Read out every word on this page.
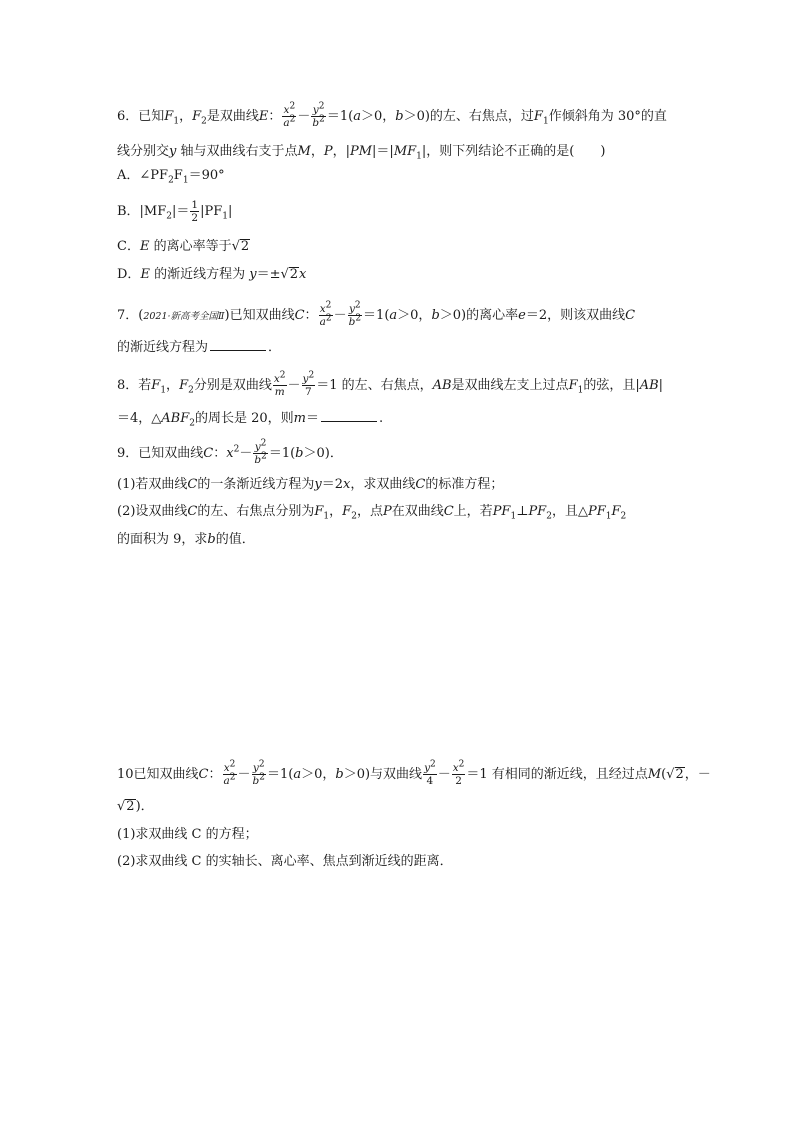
6．已知$F_1$，$F_2$是双曲线E： $\frac{x^2}{a^2} - \frac{y^2}{b^2} =1(a>0$，b＞0)的左、右焦点，过$F_1$作倾斜角为 30°的直
线分别交y 轴与双曲线右支于点M，P，$|PM|=|MF_1|$，则下列结论不正确的是(　　)
A．$\angle PF_2F_1=90^\circ$
B．$|MF_2|= \frac{1}{2} |PF_1|$
C．E 的离心率等于√2
D．E 的渐近线方程为 y＝±√2x
7．(2021·新高考全国Ⅱ)已知双曲线C： $\frac{x^2}{a^2} - \frac{y^2}{b^2} =1(a>0$，b＞0)的离心率e＝2，则该双曲线C
的渐近线方程为	．
8．若$F_1$，$F_2$分别是双曲线 $\frac{x^2}{m} - \frac{y^2}{7} =1$ 的左、右焦点，AB是双曲线左支上过点$F_1$的弦，且|AB|
＝4，$\triangle ABF_2$的周长是 20，则m＝	.
9．已知双曲线C：$x^2- \frac{y^2}{b^2} =1(b>0)$．
(1)若双曲线C的一条渐近线方程为y＝2x，求双曲线C的标准方程；
(2)设双曲线C的左、右焦点分别为$F_1$，$F_2$，点P在双曲线C上，若$PF_1\perp PF_2$，且$\triangle PF_1F_2$
的面积为 9，求b的值．
10已知双曲线C： $\frac{x^2}{a^2} - \frac{y^2}{b^2} =1(a>0$，b＞0)与双曲线 $\frac{y^2}{4} - \frac{x^2}{2} =1$ 有相同的渐近线，且经过点M(√2，－
√2)．
(1)求双曲线 C 的方程；
(2)求双曲线 C 的实轴长、离心率、焦点到渐近线的距离．
